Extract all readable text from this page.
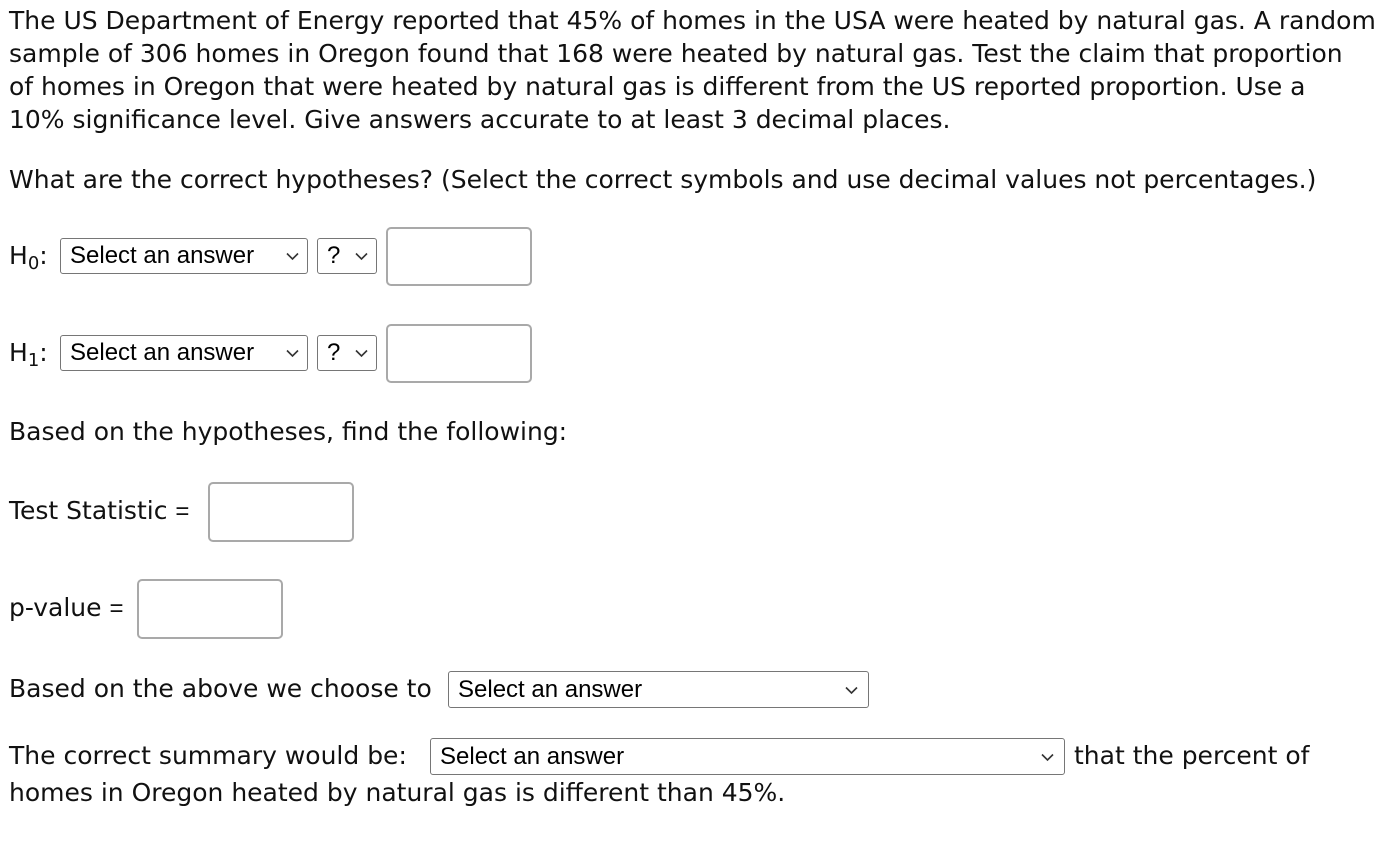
The US Department of Energy reported that 45% of homes in the USA were heated by natural gas. A random
sample of 306 homes in Oregon found that 168 were heated by natural gas. Test the claim that proportion
of homes in Oregon that were heated by natural gas is different from the US reported proportion. Use a
10% significance level. Give answers accurate to at least 3 decimal places.
What are the correct hypotheses? (Select the correct symbols and use decimal values not percentages.)
$H_0$: Select an answer	?
$H_1$: Select an answer	?
Based on the hypotheses, find the following:
Test Statistic =
p-value =
Based on the above we choose to Select an answer
The correct summary would be: Select an answer	that the percent of
homes in Oregon heated by natural gas is different than 45%.
